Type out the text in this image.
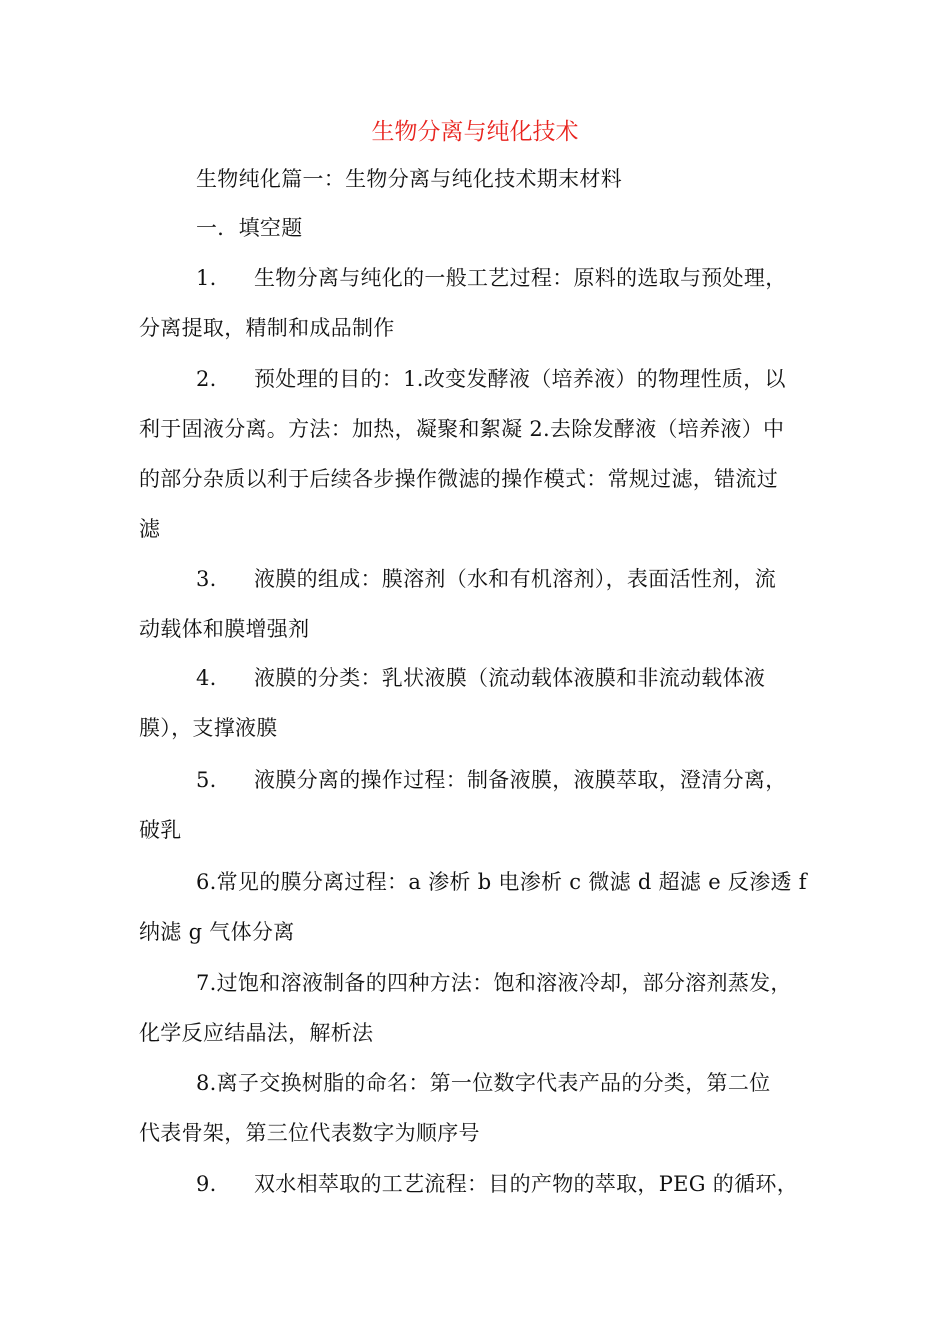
生物分离与纯化技术
生物纯化篇一：生物分离与纯化技术期末材料
一．填空题
1. 生物分离与纯化的一般工艺过程：原料的选取与预处理，
分离提取，精制和成品制作
2. 预处理的目的：1.改变发酵液（培养液）的物理性质，以
利于固液分离。方法：加热，凝聚和絮凝 2.去除发酵液（培养液）中
的部分杂质以利于后续各步操作微滤的操作模式：常规过滤，错流过
滤
3. 液膜的组成：膜溶剂（水和有机溶剂），表面活性剂，流
动载体和膜增强剂
4. 液膜的分类：乳状液膜（流动载体液膜和非流动载体液
膜），支撑液膜
5. 液膜分离的操作过程：制备液膜，液膜萃取，澄清分离，
破乳
6.常见的膜分离过程：a 渗析 b 电渗析 c 微滤 d 超滤 e 反渗透 f
纳滤 g 气体分离
7.过饱和溶液制备的四种方法：饱和溶液冷却，部分溶剂蒸发，
化学反应结晶法，解析法
8.离子交换树脂的命名：第一位数字代表产品的分类，第二位
代表骨架，第三位代表数字为顺序号
9. 双水相萃取的工艺流程：目的产物的萃取，PEG 的循环，
